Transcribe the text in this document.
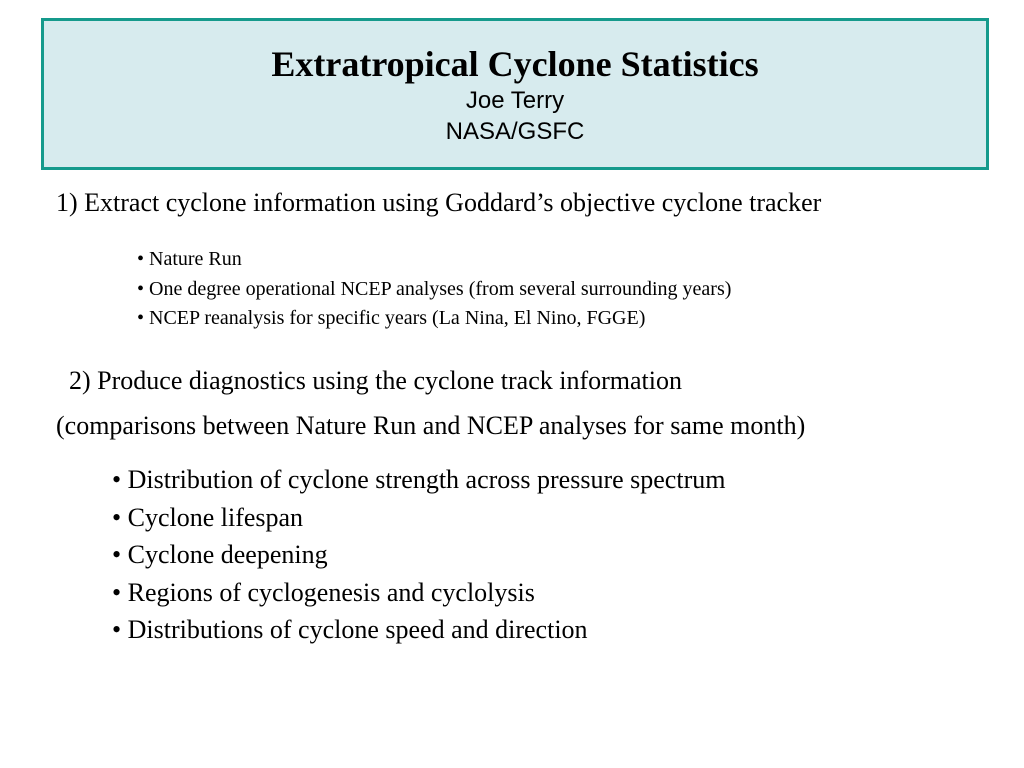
Extratropical Cyclone Statistics
Joe Terry
NASA/GSFC
1) Extract cyclone information using Goddard’s objective cyclone tracker
• Nature Run
• One degree operational NCEP analyses (from several surrounding years)
• NCEP reanalysis for specific years (La Nina, El Nino, FGGE)
2) Produce diagnostics using the cyclone track information
(comparisons between Nature Run and NCEP analyses for same month)
• Distribution of cyclone strength across pressure spectrum
• Cyclone lifespan
• Cyclone deepening
• Regions of cyclogenesis and cyclolysis
• Distributions of cyclone speed and direction
